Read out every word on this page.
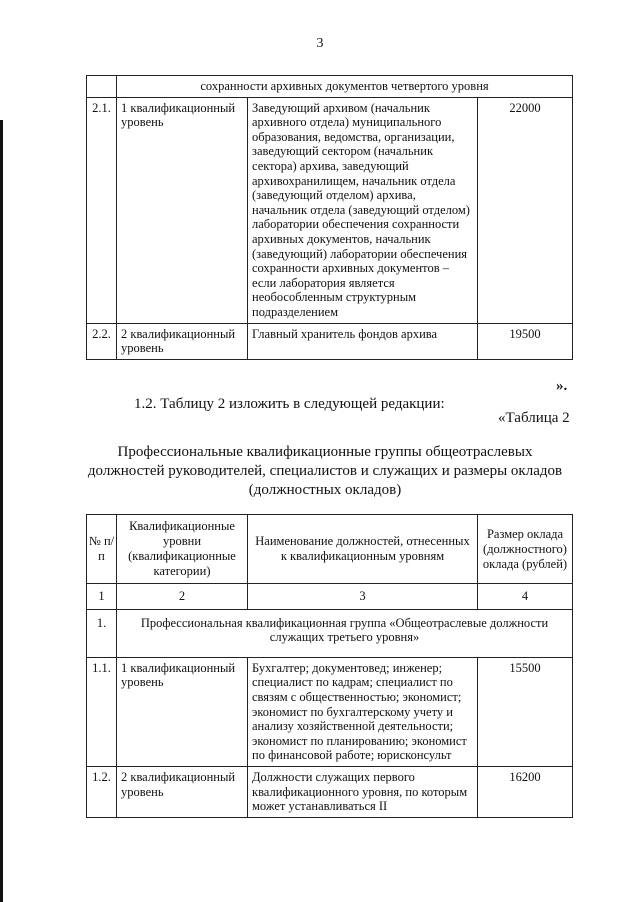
3
	сохранности архивных документов четвертого уровня		
2.1.	1 квалификационный уровень	Заведующий архивом (начальник архивного отдела) муниципального образования, ведомства, организации, заведующий сектором (начальник сектора) архива, заведующий архивохранилищем, начальник отдела (заведующий отделом) архива, начальник отдела (заведующий отделом) лаборатории обеспечения сохранности архивных документов, начальник (заведующий) лаборатории обеспечения сохранности архивных документов – если лаборатория является необособленным структурным подразделением	22000
2.2.	2 квалификационный уровень	Главный хранитель фондов архива	19500
».
1.2. Таблицу 2 изложить в следующей редакции:
«Таблица 2
Профессиональные квалификационные группы общеотраслевых должностей руководителей, специалистов и служащих и размеры окладов (должностных окладов)
№ п/п	Квалификационные уровни (квалификационные категории)	Наименование должностей, отнесенных к квалификационным уровням	Размер оклада (должностного) оклада (рублей)
1	2	3	4
1.	Профессиональная квалификационная группа «Общеотраслевые должности служащих третьего уровня»		
1.1.	1 квалификационный уровень	Бухгалтер; документовед; инженер; специалист по кадрам; специалист по связям с общественностью; экономист; экономист по бухгалтерскому учету и анализу хозяйственной деятельности; экономист по планированию; экономист по финансовой работе; юрисконсульт	15500
1.2.	2 квалификационный уровень	Должности служащих первого квалификационного уровня, по которым может устанавливаться II	16200
